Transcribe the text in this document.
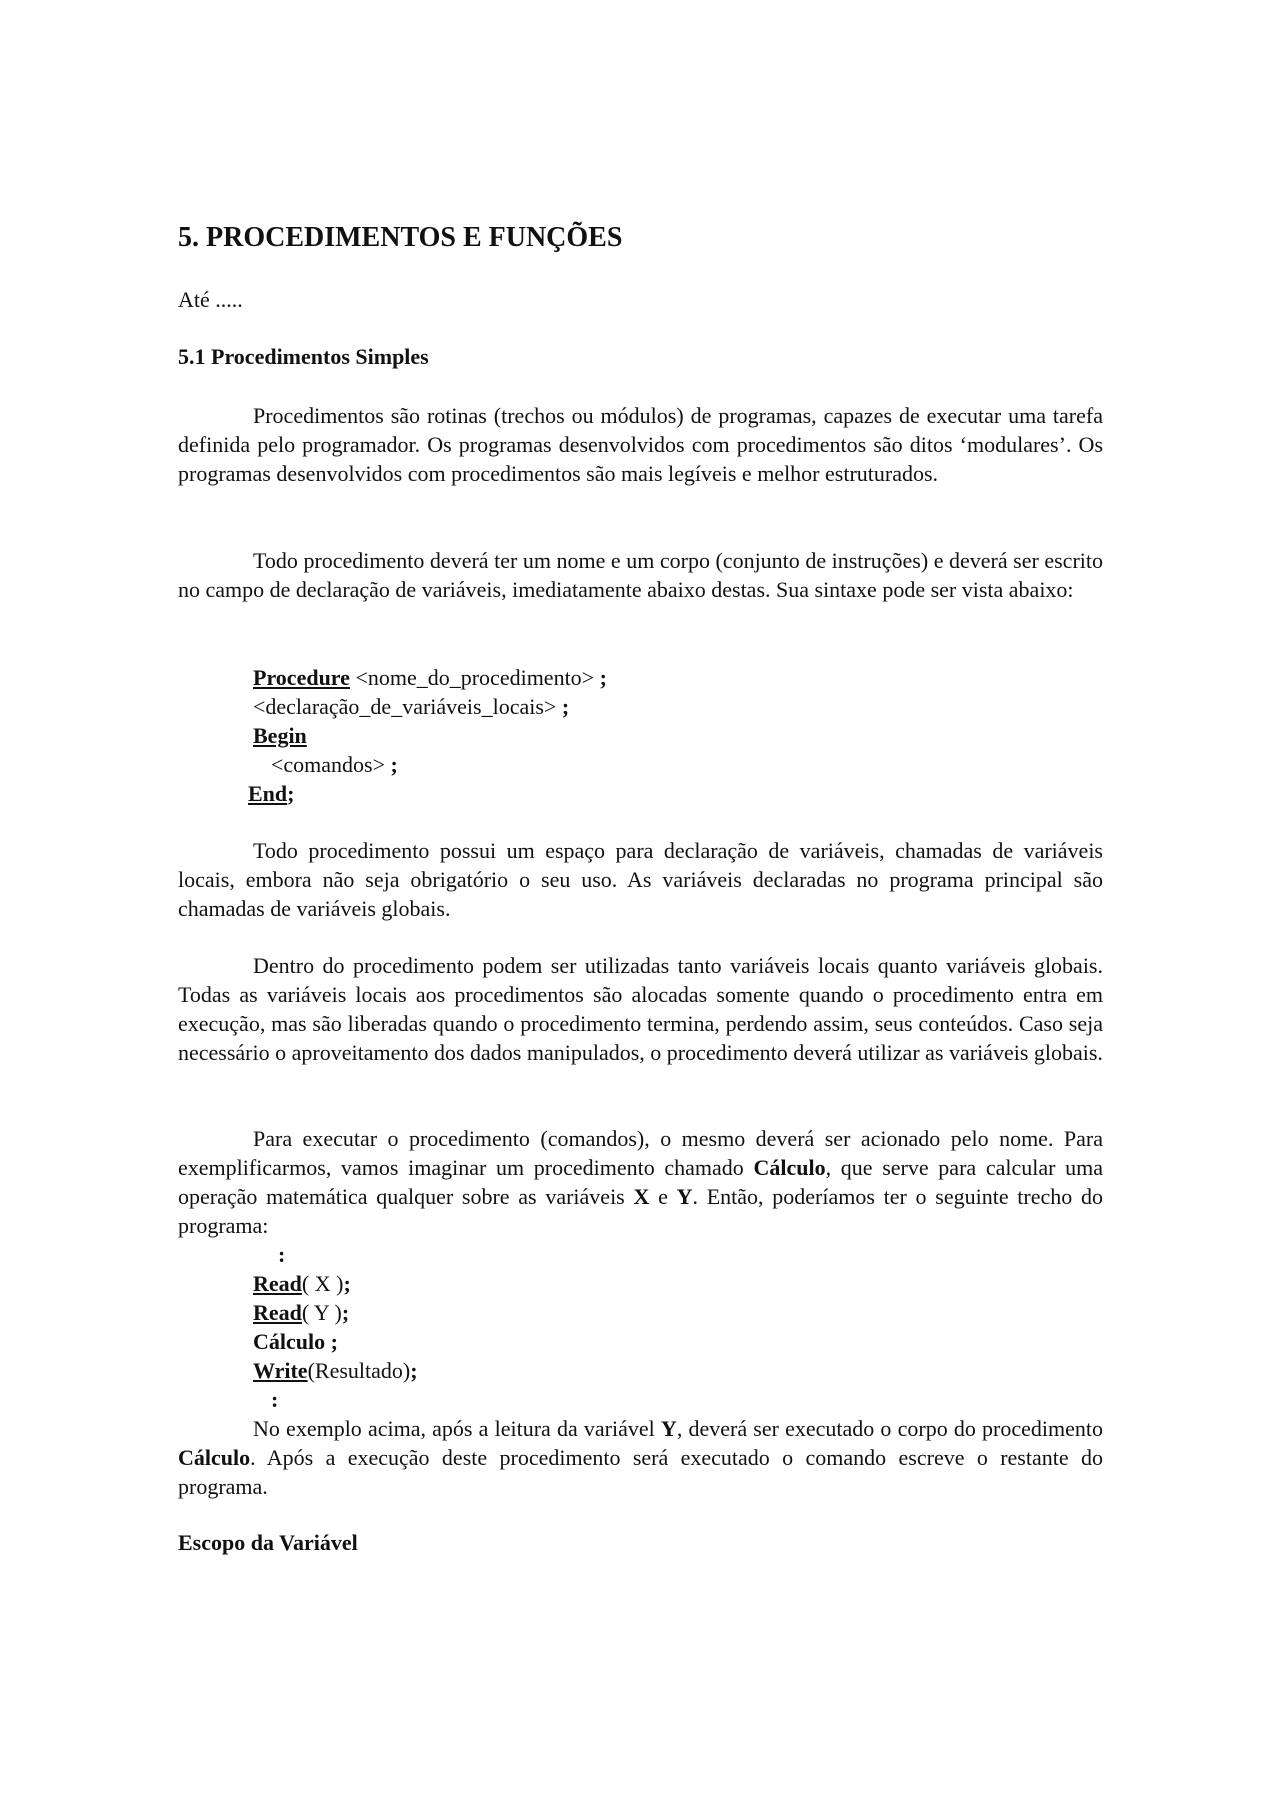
5. PROCEDIMENTOS E FUNÇÕES
Até .....
5.1 Procedimentos Simples

Procedimentos são rotinas (trechos ou módulos) de programas, capazes de executar uma tarefa definida pelo programador. Os programas desenvolvidos com procedimentos são ditos ‘modulares’. Os programas desenvolvidos com procedimentos são mais legíveis e melhor estruturados.

Todo procedimento deverá ter um nome e um corpo (conjunto de instruções) e deverá ser escrito no campo de declaração de variáveis, imediatamente abaixo destas. Sua sintaxe pode ser vista abaixo:

Procedure <nome_do_procedimento> ;
<declaração_de_variáveis_locais> ;
Begin
<comandos> ;
End;

Todo procedimento possui um espaço para declaração de variáveis, chamadas de variáveis locais, embora não seja obrigatório o seu uso. As variáveis declaradas no programa principal são chamadas de variáveis globais.

Dentro do procedimento podem ser utilizadas tanto variáveis locais quanto variáveis globais. Todas as variáveis locais aos procedimentos são alocadas somente quando o procedimento entra em execução, mas são liberadas quando o procedimento termina, perdendo assim, seus conteúdos. Caso seja necessário o aproveitamento dos dados manipulados, o procedimento deverá utilizar as variáveis globais.

Para executar o procedimento (comandos), o mesmo deverá ser acionado pelo nome. Para exemplificarmos, vamos imaginar um procedimento chamado Cálculo, que serve para calcular uma operação matemática qualquer sobre as variáveis X e Y. Então, poderíamos ter o seguinte trecho do programa:

:
Read( X );
Read( Y );
Cálculo ;
Write(Resultado);
:

No exemplo acima, após a leitura da variável Y, deverá ser executado o corpo do procedimento Cálculo. Após a execução deste procedimento será executado o comando escreve o restante do programa.

Escopo da Variável
